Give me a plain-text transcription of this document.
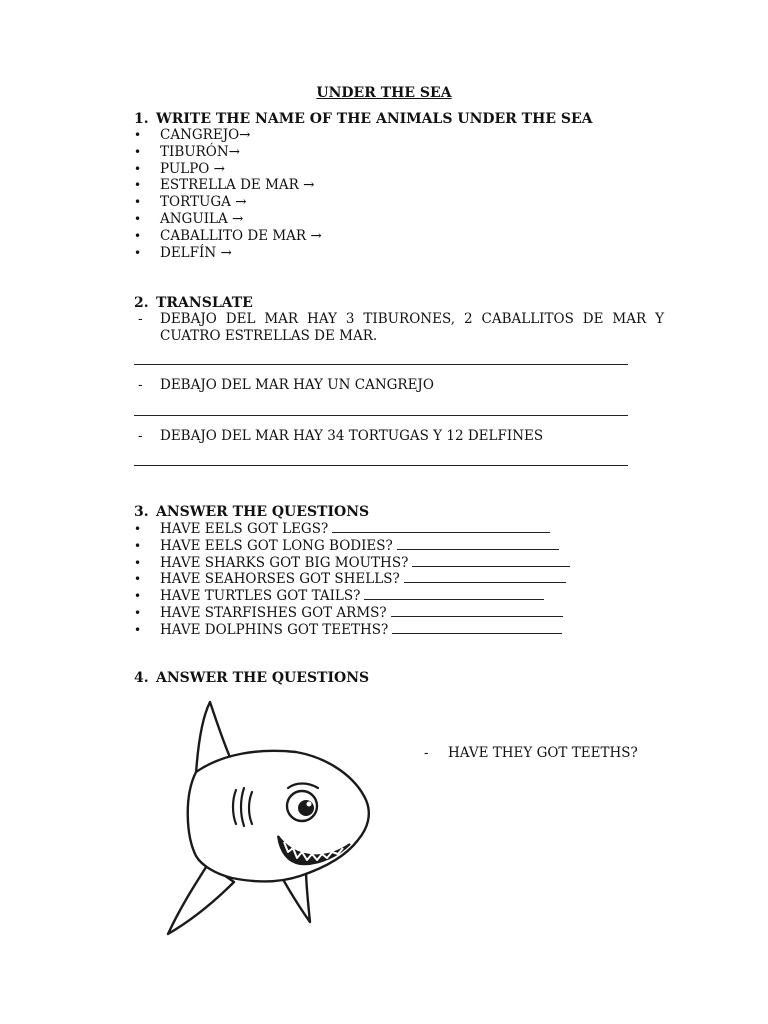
UNDER THE SEA
1. WRITE THE NAME OF THE ANIMALS UNDER THE SEA
• CANGREJO→
• TIBURÓN→
• PULPO →
• ESTRELLA DE MAR →
• TORTUGA →
• ANGUILA →
• CABALLITO DE MAR →
• DELFÍN →
2. TRANSLATE
- DEBAJO DEL MAR HAY 3 TIBURONES, 2 CABALLITOS DE MAR Y CUATRO ESTRELLAS DE MAR.
- DEBAJO DEL MAR HAY UN CANGREJO
- DEBAJO DEL MAR HAY 34 TORTUGAS Y 12 DELFINES
3. ANSWER THE QUESTIONS
• HAVE EELS GOT LEGS?
• HAVE EELS GOT LONG BODIES?
• HAVE SHARKS GOT BIG MOUTHS?
• HAVE SEAHORSES GOT SHELLS?
• HAVE TURTLES GOT TAILS?
• HAVE STARFISHES GOT ARMS?
• HAVE DOLPHINS GOT TEETHS?
4. ANSWER THE QUESTIONS
- HAVE THEY GOT TEETHS?
